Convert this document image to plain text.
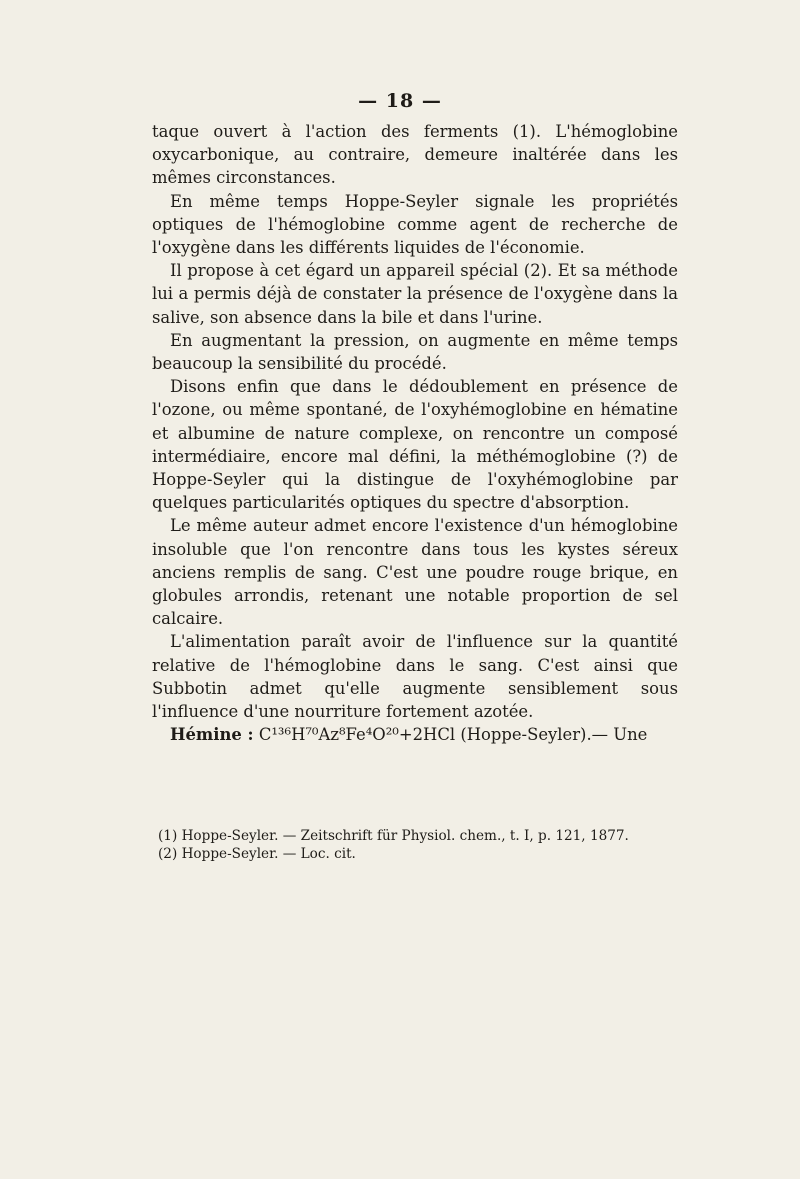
— 18 —

taque ouvert à l'action des ferments (1). L'hémoglobine oxycarbonique, au contraire, demeure inaltérée dans les mêmes circonstances.

En même temps Hoppe-Seyler signale les propriétés optiques de l'hémoglobine comme agent de recherche de l'oxygène dans les différents liquides de l'économie.

Il propose à cet égard un appareil spécial (2). Et sa méthode lui a permis déjà de constater la présence de l'oxygène dans la salive, son absence dans la bile et dans l'urine.

En augmentant la pression, on augmente en même temps beaucoup la sensibilité du procédé.

Disons enfin que dans le dédoublement en présence de l'ozone, ou même spontané, de l'oxyhémoglobine en hématine et albumine de nature complexe, on rencontre un composé intermédiaire, encore mal défini, la méthémoglobine (?) de Hoppe-Seyler qui la distingue de l'oxyhémoglobine par quelques particularités optiques du spectre d'absorption.

Le même auteur admet encore l'existence d'un hémoglobine insoluble que l'on rencontre dans tous les kystes séreux anciens remplis de sang. C'est une poudre rouge brique, en globules arrondis, retenant une notable proportion de sel calcaire.

L'alimentation paraît avoir de l'influence sur la quantité relative de l'hémoglobine dans le sang. C'est ainsi que Subbotin admet qu'elle augmente sensiblement sous l'influence d'une nourriture fortement azotée.

Hémine : C¹³⁶H⁷⁰Az⁸Fe⁴O²⁰+2HCl (Hoppe-Seyler).— Une

(1) Hoppe-Seyler. — Zeitschrift für Physiol. chem., t. I, p. 121, 1877.

(2) Hoppe-Seyler. — Loc. cit.
